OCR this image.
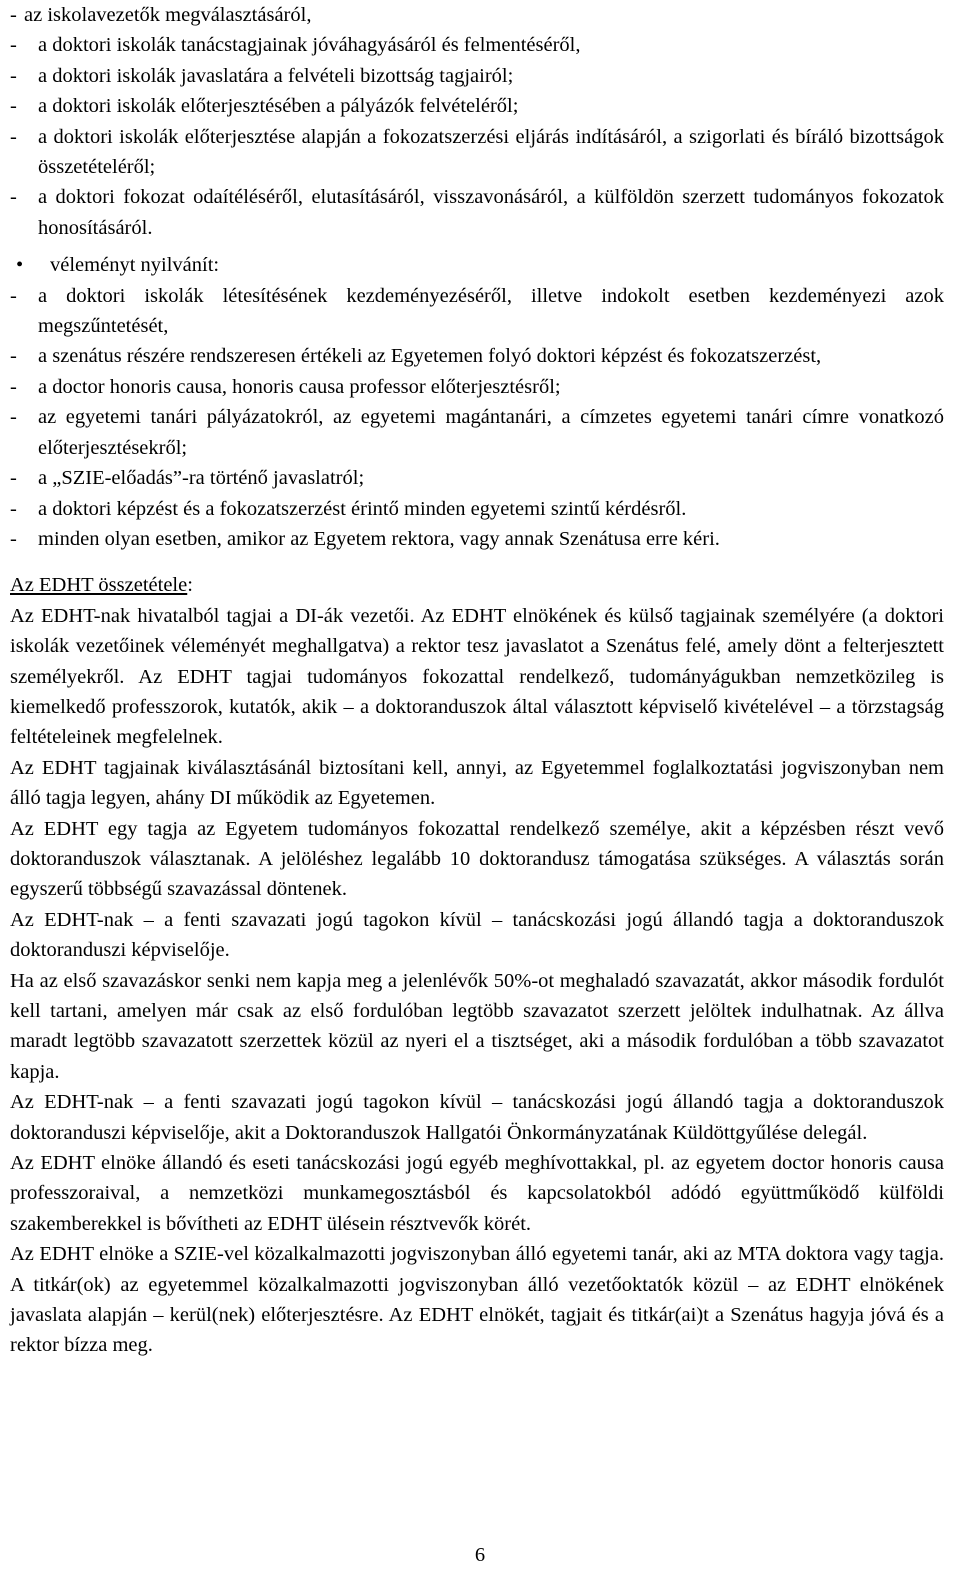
- az iskolavezetők megválasztásáról,
-	a doktori iskolák tanácstagjainak jóváhagyásáról és felmentéséről,
-	a doktori iskolák javaslatára a felvételi bizottság tagjairól;
-	a doktori iskolák előterjesztésében a pályázók felvételéről;
-	a doktori iskolák előterjesztése alapján a fokozatszerzési eljárás indításáról, a szigorlati és bíráló bizottságok összetételéről;
-	a doktori fokozat odaítéléséről, elutasításáról, visszavonásáról, a külföldön szerzett tudományos fokozatok honosításáról.
•	véleményt nyilvánít:
-	a doktori iskolák létesítésének kezdeményezéséről, illetve indokolt esetben kezdeményezi azok megszűntetését,
-	a szenátus részére rendszeresen értékeli az Egyetemen folyó doktori képzést és fokozatszerzést,
-	a doctor honoris causa, honoris causa professor előterjesztésről;
-	az egyetemi tanári pályázatokról, az egyetemi magántanári, a címzetes egyetemi tanári címre vonatkozó előterjesztésekről;
-	a „SZIE-előadás”-ra történő javaslatról;
-	a doktori képzést és a fokozatszerzést érintő minden egyetemi szintű kérdésről.
-	minden olyan esetben, amikor az Egyetem rektora, vagy annak Szenátusa erre kéri.
Az EDHT összetétele:

Az EDHT-nak hivatalból tagjai a DI-ák vezetői. Az EDHT elnökének és külső tagjainak személyére (a doktori iskolák vezetőinek véleményét meghallgatva) a rektor tesz javaslatot a Szenátus felé, amely dönt a felterjesztett személyekről. Az EDHT tagjai tudományos fokozattal rendelkező, tudományágukban nemzetközileg is kiemelkedő professzorok, kutatók, akik – a doktoranduszok által választott képviselő kivételével – a törzstagság feltételeinek megfelelnek.

Az EDHT tagjainak kiválasztásánál biztosítani kell, annyi, az Egyetemmel foglalkoztatási jogviszonyban nem álló tagja legyen, ahány DI működik az Egyetemen.

Az EDHT egy tagja az Egyetem tudományos fokozattal rendelkező személye, akit a képzésben részt vevő doktoranduszok választanak. A jelöléshez legalább 10 doktorandusz támogatása szükséges. A választás során egyszerű többségű szavazással döntenek.

Az EDHT-nak – a fenti szavazati jogú tagokon kívül – tanácskozási jogú állandó tagja a doktoranduszok doktoranduszi képviselője.

Ha az első szavazáskor senki nem kapja meg a jelenlévők 50%-ot meghaladó szavazatát, akkor második fordulót kell tartani, amelyen már csak az első fordulóban legtöbb szavazatot szerzett jelöltek indulhatnak. Az állva maradt legtöbb szavazatott szerzettek közül az nyeri el a tisztséget, aki a második fordulóban a több szavazatot kapja.

Az EDHT-nak – a fenti szavazati jogú tagokon kívül – tanácskozási jogú állandó tagja a doktoranduszok doktoranduszi képviselője, akit a Doktoranduszok Hallgatói Önkormányzatának Küldöttgyűlése delegál.

Az EDHT elnöke állandó és eseti tanácskozási jogú egyéb meghívottakkal, pl. az egyetem doctor honoris causa professzoraival, a nemzetközi munkamegosztásból és kapcsolatokból adódó együttműködő külföldi szakemberekkel is bővítheti az EDHT ülésein résztvevők körét.

Az EDHT elnöke a SZIE-vel közalkalmazotti jogviszonyban álló egyetemi tanár, aki az MTA doktora vagy tagja. A titkár(ok) az egyetemmel közalkalmazotti jogviszonyban álló vezetőoktatók közül – az EDHT elnökének javaslata alapján – kerül(nek) előterjesztésre. Az EDHT elnökét, tagjait és titkár(ai)t a Szenátus hagyja jóvá és a rektor bízza meg.

6
